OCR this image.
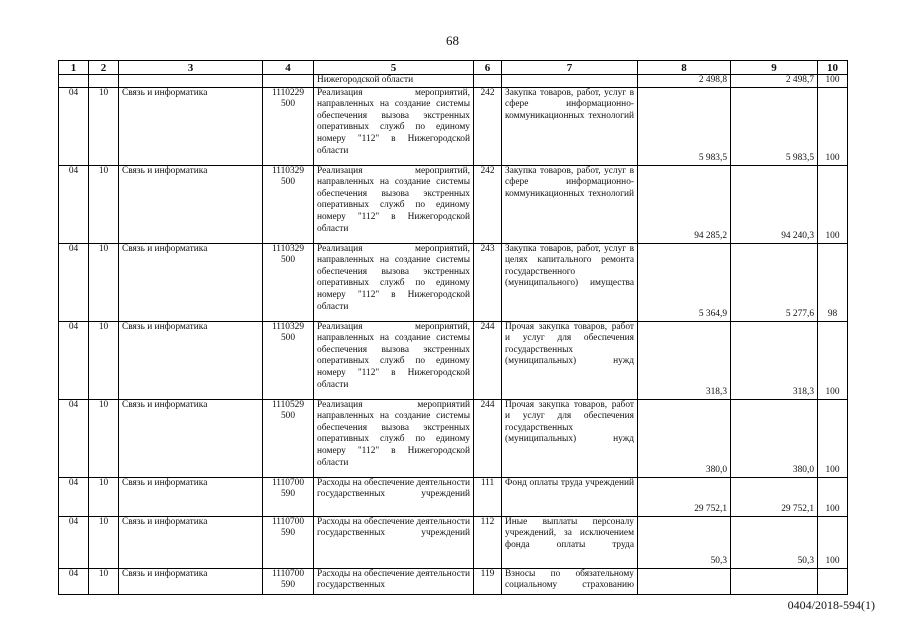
68
1	2	3	4	5	6	7	8	9	10
				Нижегородской области			2 498,8	2 498,7	100
04	10	Связь и информатика	1110229 500	Реализация мероприятий, направленных на создание системы обеспечения вызова экстренных оперативных служб по единому номеру "112" в Нижегородской области	242	Закупка товаров, работ, услуг в сфере информационно-коммуникационных технологий	5 983,5	5 983,5	100
04	10	Связь и информатика	1110329 500	Реализация мероприятий, направленных на создание системы обеспечения вызова экстренных оперативных служб по единому номеру "112" в Нижегородской области	242	Закупка товаров, работ, услуг в сфере информационно-коммуникационных технологий	94 285,2	94 240,3	100
04	10	Связь и информатика	1110329 500	Реализация мероприятий, направленных на создание системы обеспечения вызова экстренных оперативных служб по единому номеру "112" в Нижегородской области	243	Закупка товаров, работ, услуг в целях капитального ремонта государственного (муниципального) имущества	5 364,9	5 277,6	98
04	10	Связь и информатика	1110329 500	Реализация мероприятий, направленных на создание системы обеспечения вызова экстренных оперативных служб по единому номеру "112" в Нижегородской области	244	Прочая закупка товаров, работ и услуг для обеспечения государственных (муниципальных) нужд	318,3	318,3	100
04	10	Связь и информатика	1110529 500	Реализация мероприятий направленных на создание системы обеспечения вызова экстренных оперативных служб по единому номеру "112" в Нижегородской области	244	Прочая закупка товаров, работ и услуг для обеспечения государственных (муниципальных) нужд	380,0	380,0	100
04	10	Связь и информатика	1110700 590	Расходы на обеспечение деятельности государственных учреждений	111	Фонд оплаты труда учреждений	29 752,1	29 752,1	100
04	10	Связь и информатика	1110700 590	Расходы на обеспечение деятельности государственных учреждений	112	Иные выплаты персоналу учреждений, за исключением фонда оплаты труда	50,3	50,3	100
04	10	Связь и информатика	1110700 590	Расходы на обеспечение деятельности государственных	119	Взносы по обязательному социальному страхованию			
0404/2018-594(1)
